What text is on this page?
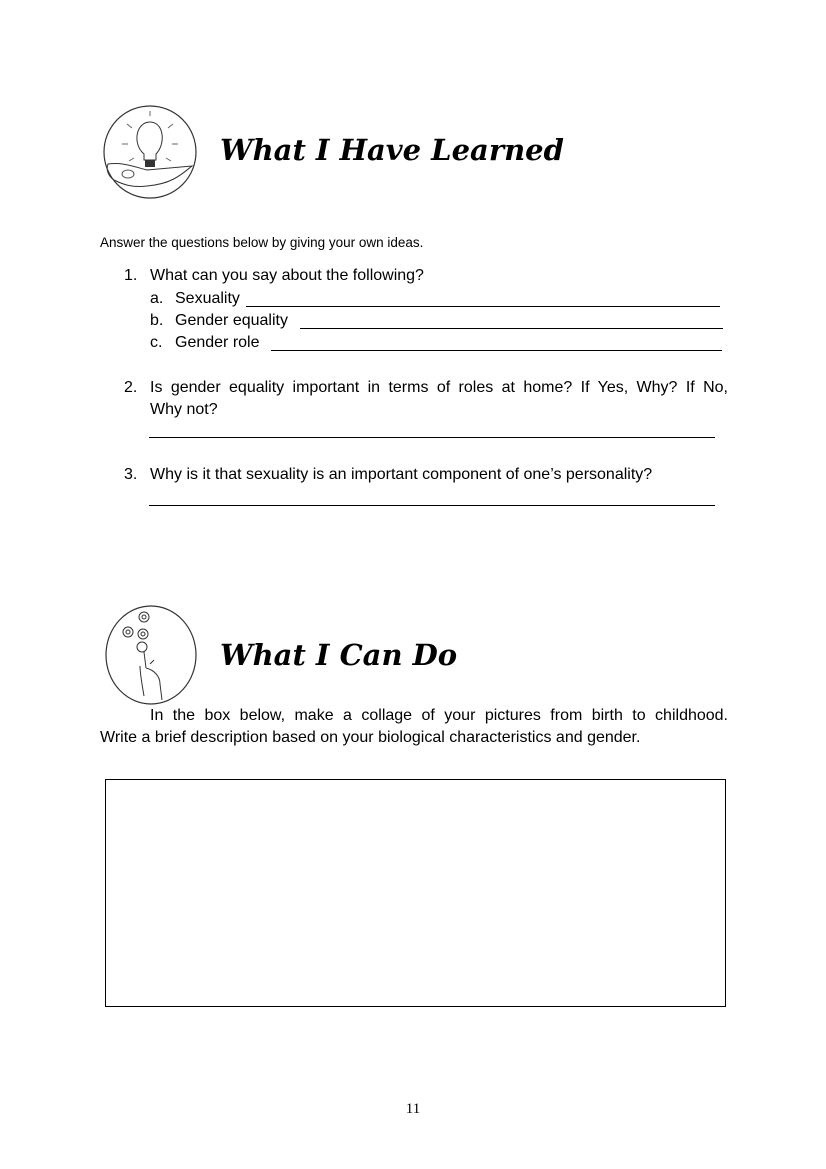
What I Have Learned
Answer the questions below by giving your own ideas.
1. What can you say about the following?
a. Sexuality
b. Gender equality
c. Gender role
2. Is gender equality important in terms of roles at home? If Yes, Why? If No,
Why not?
3. Why is it that sexuality is an important component of one’s personality?
What I Can Do
In the box below, make a collage of your pictures from birth to childhood.
Write a brief description based on your biological characteristics and gender.
11
